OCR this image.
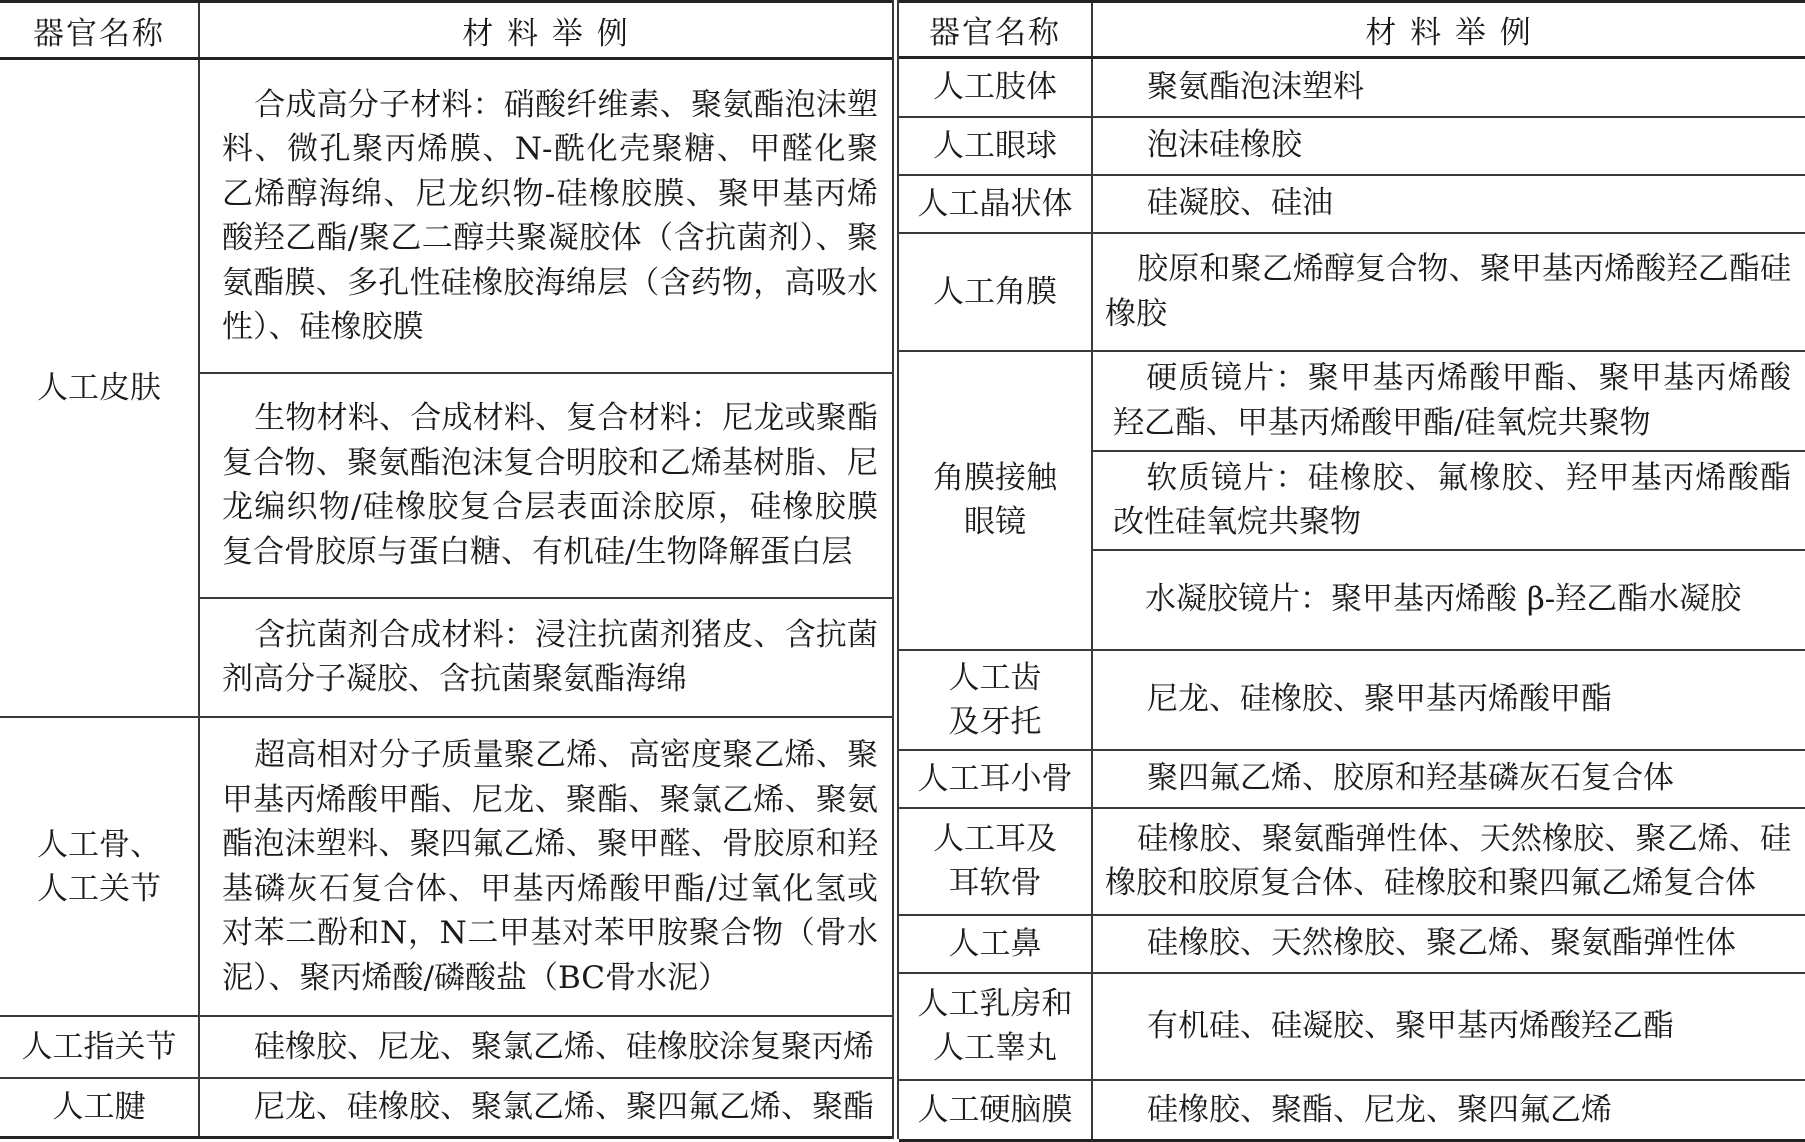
器官名称	材 料 举 例
人工皮肤	合成高分子材料：硝酸纤维素、聚氨酯泡沫塑料、微孔聚丙烯膜、N-酰化壳聚糖、甲醛化聚乙烯醇海绵、尼龙织物-硅橡胶膜、聚甲基丙烯酸羟乙酯/聚乙二醇共聚凝胶体（含抗菌剂）、聚氨酯膜、多孔性硅橡胶海绵层（含药物，高吸水性）、硅橡胶膜
	生物材料、合成材料、复合材料：尼龙或聚酯复合物、聚氨酯泡沫复合明胶和乙烯基树脂、尼龙编织物/硅橡胶复合层表面涂胶原，硅橡胶膜复合骨胶原与蛋白糖、有机硅/生物降解蛋白层
	含抗菌剂合成材料：浸注抗菌剂猪皮、含抗菌剂高分子凝胶、含抗菌聚氨酯海绵

人工骨、
人工关节	超高相对分子质量聚乙烯、高密度聚乙烯、聚甲基丙烯酸甲酯、尼龙、聚酯、聚氯乙烯、聚氨酯泡沫塑料、聚四氟乙烯、聚甲醛、骨胶原和羟基磷灰石复合体、甲基丙烯酸甲酯/过氧化氢或对苯二酚和N，N二甲基对苯甲胺聚合物（骨水泥）、聚丙烯酸/磷酸盐（BC骨水泥）
人工指关节	硅橡胶、尼龙、聚氯乙烯、硅橡胶涂复聚丙烯
人工腱	尼龙、硅橡胶、聚氯乙烯、聚四氟乙烯、聚酯
器官名称	材 料 举 例
人工肢体	聚氨酯泡沫塑料
人工眼球	泡沫硅橡胶
人工晶状体	硅凝胶、硅油
人工角膜	胶原和聚乙烯醇复合物、聚甲基丙烯酸羟乙酯硅橡胶

角膜接触
眼镜	硬质镜片：聚甲基丙烯酸甲酯、聚甲基丙烯酸羟乙酯、甲基丙烯酸甲酯/硅氧烷共聚物
	软质镜片：硅橡胶、氟橡胶、羟甲基丙烯酸酯改性硅氧烷共聚物
	水凝胶镜片：聚甲基丙烯酸 β-羟乙酯水凝胶

人工齿
及牙托	尼龙、硅橡胶、聚甲基丙烯酸甲酯
人工耳小骨	聚四氟乙烯、胶原和羟基磷灰石复合体

人工耳及
耳软骨	硅橡胶、聚氨酯弹性体、天然橡胶、聚乙烯、硅橡胶和胶原复合体、硅橡胶和聚四氟乙烯复合体
人工鼻	硅橡胶、天然橡胶、聚乙烯、聚氨酯弹性体

人工乳房和
人工睾丸	有机硅、硅凝胶、聚甲基丙烯酸羟乙酯
人工硬脑膜	硅橡胶、聚酯、尼龙、聚四氟乙烯
